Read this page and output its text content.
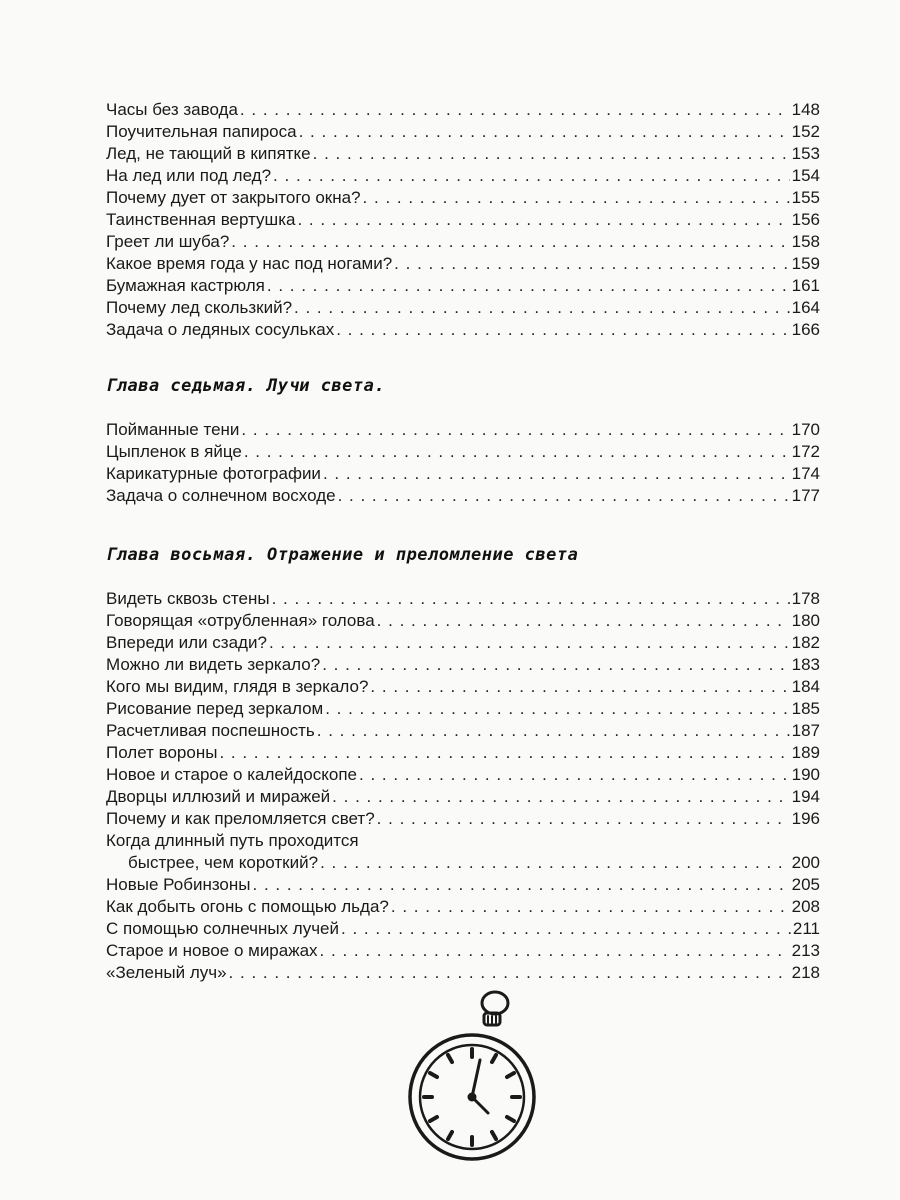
Часы без завода . . .	148
Поучительная папироса . . .	152
Лед, не тающий в кипятке . . .	153
На лед или под лед? . . .	154
Почему дует от закрытого окна? . . .	155
Таинственная вертушка . . .	156
Греет ли шуба? . . .	158
Какое время года у нас под ногами? . . .	159
Бумажная кастрюля . . .	161
Почему лед скользкий? . . .	164
Задача о ледяных сосульках . . .	166
Глава седьмая. Лучи света.
Пойманные тени . . .	170
Цыпленок в яйце . . .	172
Карикатурные фотографии . . .	174
Задача о солнечном восходе . . .	177
Глава восьмая. Отражение и преломление света
Видеть сквозь стены . . .	178
Говорящая «отрубленная» голова . . .	180
Впереди или сзади? . . .	182
Можно ли видеть зеркало? . . .	183
Кого мы видим, глядя в зеркало? . . .	184
Рисование перед зеркалом . . .	185
Расчетливая поспешность . . .	187
Полет вороны . . .	189
Новое и старое о калейдоскопе . . .	190
Дворцы иллюзий и миражей . . .	194
Почему и как преломляется свет? . . .	196
Когда длинный путь проходится
быстрее, чем короткий? . . .	200
Новые Робинзоны . . .	205
Как добыть огонь с помощью льда? . . .	208
С помощью солнечных лучей . . .	211
Старое и новое о миражах . . .	213
«Зеленый луч» . . .	218
